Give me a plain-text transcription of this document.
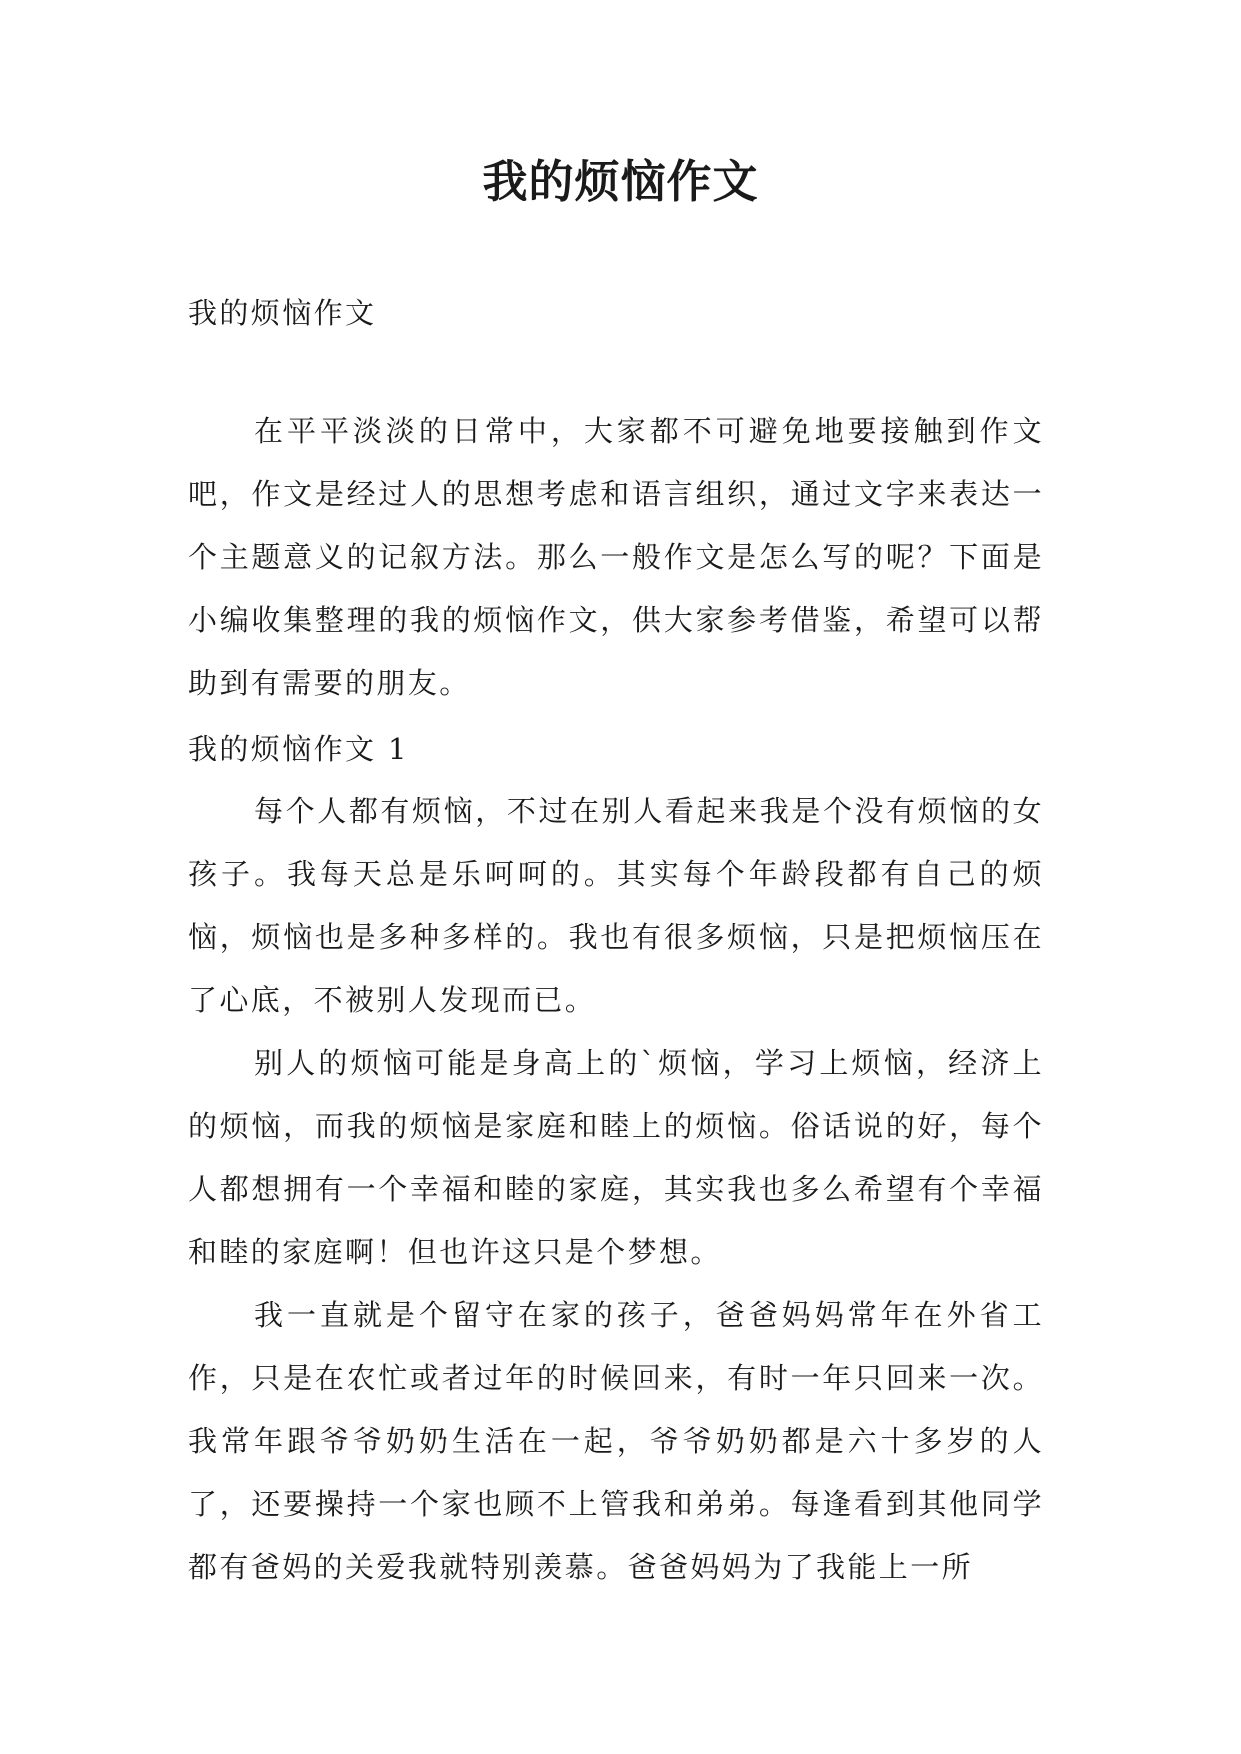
我的烦恼作文

我的烦恼作文

在平平淡淡的日常中，大家都不可避免地要接触到作文吧，作文是经过人的思想考虑和语言组织，通过文字来表达一个主题意义的记叙方法。那么一般作文是怎么写的呢？下面是小编收集整理的我的烦恼作文，供大家参考借鉴，希望可以帮助到有需要的朋友。

我的烦恼作文 1

每个人都有烦恼，不过在别人看起来我是个没有烦恼的女孩子。我每天总是乐呵呵的。其实每个年龄段都有自己的烦恼，烦恼也是多种多样的。我也有很多烦恼，只是把烦恼压在了心底，不被别人发现而已。

别人的烦恼可能是身高上的`烦恼，学习上烦恼，经济上的烦恼，而我的烦恼是家庭和睦上的烦恼。俗话说的好，每个人都想拥有一个幸福和睦的家庭，其实我也多么希望有个幸福和睦的家庭啊！但也许这只是个梦想。

我一直就是个留守在家的孩子，爸爸妈妈常年在外省工作，只是在农忙或者过年的时候回来，有时一年只回来一次。我常年跟爷爷奶奶生活在一起，爷爷奶奶都是六十多岁的人了，还要操持一个家也顾不上管我和弟弟。每逢看到其他同学都有爸妈的关爱我就特别羡慕。爸爸妈妈为了我能上一所
